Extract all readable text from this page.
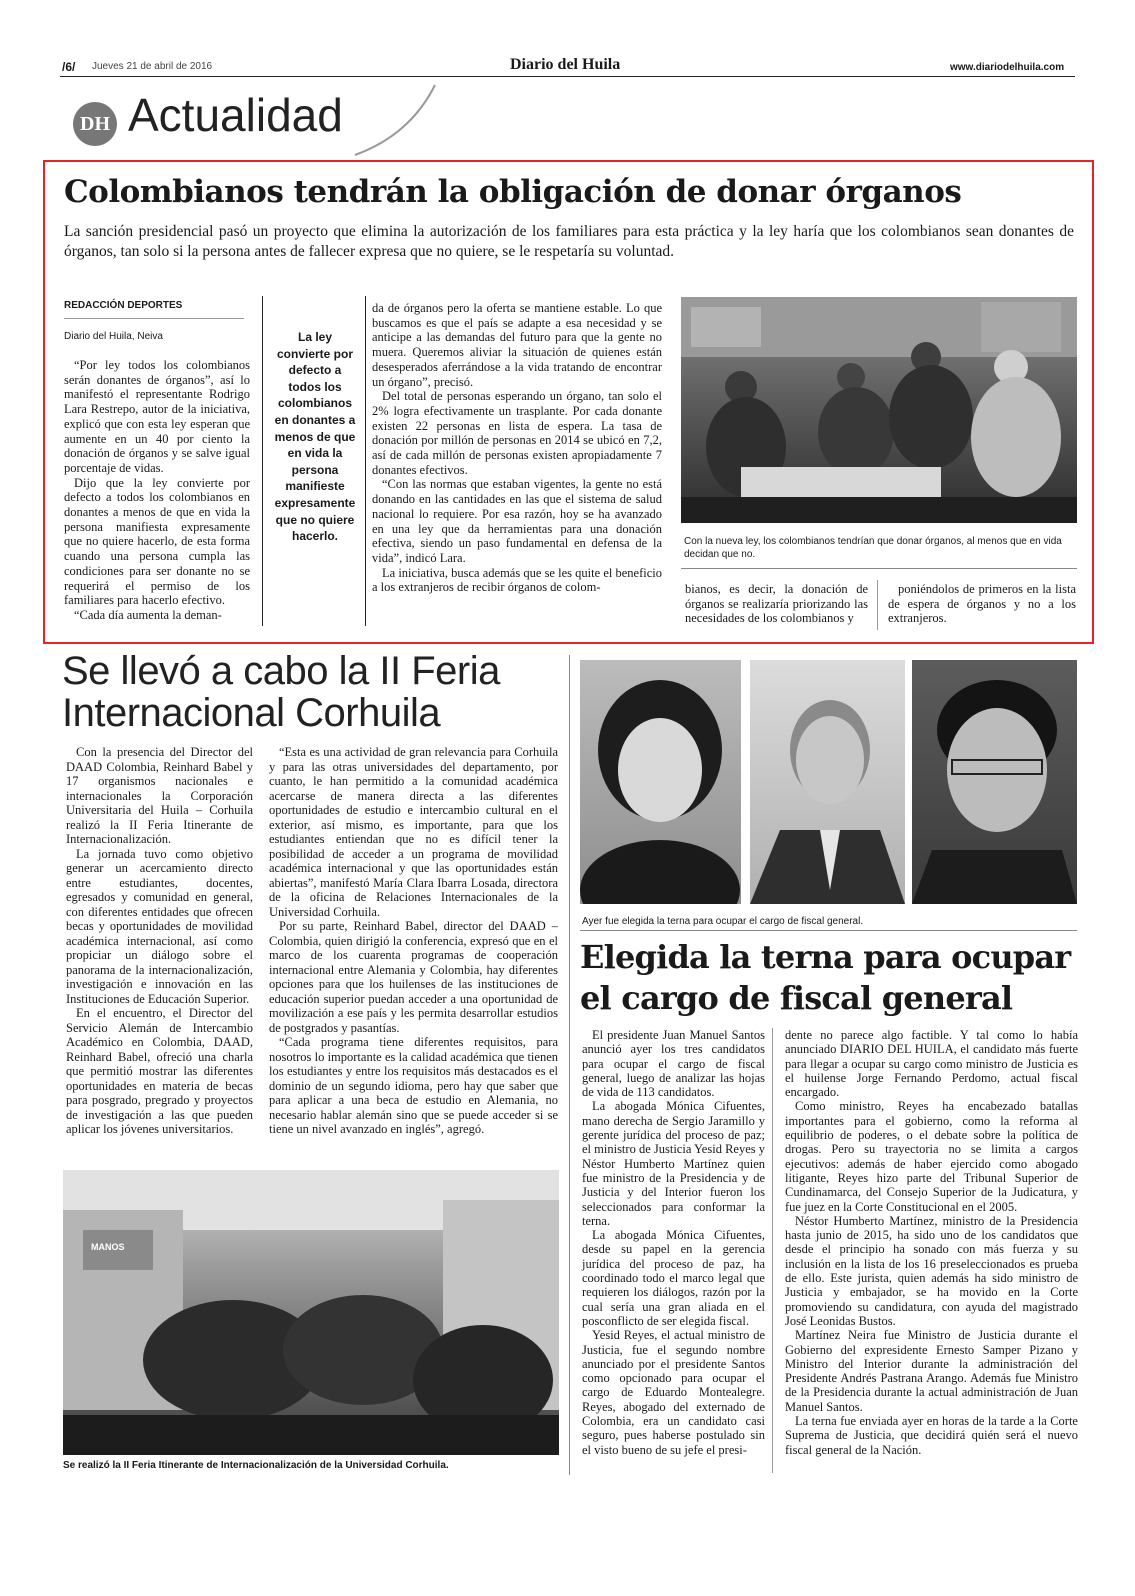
/6/ Jueves 21 de abril de 2016	Diario del Huila	www.diariodelhuila.com
DH Actualidad
Colombianos tendrán la obligación de donar órganos
La sanción presidencial pasó un proyecto que elimina la autorización de los familiares para esta práctica y la ley haría que los colombianos sean donantes de órganos, tan solo si la persona antes de fallecer expresa que no quiere, se le respetaría su voluntad.
REDACCIÓN DEPORTES
Diario del Huila, Neiva

“Por ley todos los colombianos serán donantes de órganos”, así lo manifestó el representante Rodrigo Lara Restrepo, autor de la iniciativa, explicó que con esta ley esperan que aumente en un 40 por ciento la donación de órganos y se salve igual porcentaje de vidas.

Dijo que la ley convierte por defecto a todos los colombianos en donantes a menos de que en vida la persona manifiesta expresamente que no quiere hacerlo, de esta forma cuando una persona cumpla las condiciones para ser donante no se requerirá el permiso de los familiares para hacerlo efectivo.

“Cada día aumenta la deman-

La ley convierte por defecto a todos los colombianos en donantes a menos de que en vida la persona manifieste expresamente que no quiere hacerlo.

da de órganos pero la oferta se mantiene estable. Lo que buscamos es que el país se adapte a esa necesidad y se anticipe a las demandas del futuro para que la gente no muera. Queremos aliviar la situación de quienes están desesperados aferrándose a la vida tratando de encontrar un órgano”, precisó.

Del total de personas esperando un órgano, tan solo el 2% logra efectivamente un trasplante. Por cada donante existen 22 personas en lista de espera. La tasa de donación por millón de personas en 2014 se ubicó en 7,2, así de cada millón de personas existen apropiadamente 7 donantes efectivos.

“Con las normas que estaban vigentes, la gente no está donando en las cantidades en las que el sistema de salud nacional lo requiere. Por esa razón, hoy se ha avanzado en una ley que da herramientas para una donación efectiva, siendo un paso fundamental en defensa de la vida”, indicó Lara.

La iniciativa, busca además que se les quite el beneficio a los extranjeros de recibir órganos de colom-

Con la nueva ley, los colombianos tendrían que donar órganos, al menos que en vida decidan que no.

bianos, es decir, la donación de órganos se realizaría priorizando las necesidades de los colombianos y

poniéndolos de primeros en la lista de espera de órganos y no a los extranjeros.

Se llevó a cabo la II Feria
Internacional Corhuila

Con la presencia del Director del DAAD Colombia, Reinhard Babel y 17 organismos nacionales e internacionales la Corporación Universitaria del Huila – Corhuila realizó la II Feria Itinerante de Internacionalización.

La jornada tuvo como objetivo generar un acercamiento directo entre estudiantes, docentes, egresados y comunidad en general, con diferentes entidades que ofrecen becas y oportunidades de movilidad académica internacional, así como propiciar un diálogo sobre el panorama de la internacionalización, investigación e innovación en las Instituciones de Educación Superior.

En el encuentro, el Director del Servicio Alemán de Intercambio Académico en Colombia, DAAD, Reinhard Babel, ofreció una charla que permitió mostrar las diferentes oportunidades en materia de becas para posgrado, pregrado y proyectos de investigación a las que pueden aplicar los jóvenes universitarios.

“Esta es una actividad de gran relevancia para Corhuila y para las otras universidades del departamento, por cuanto, le han permitido a la comunidad académica acercarse de manera directa a las diferentes oportunidades de estudio e intercambio cultural en el exterior, así mismo, es importante, para que los estudiantes entiendan que no es difícil tener la posibilidad de acceder a un programa de movilidad académica internacional y que las oportunidades están abiertas”, manifestó María Clara Ibarra Losada, directora de la oficina de Relaciones Internacionales de la Universidad Corhuila.

Por su parte, Reinhard Babel, director del DAAD – Colombia, quien dirigió la conferencia, expresó que en el marco de los cuarenta programas de cooperación internacional entre Alemania y Colombia, hay diferentes opciones para que los huilenses de las instituciones de educación superior puedan acceder a una oportunidad de movilización a ese país y les permita desarrollar estudios de postgrados y pasantías.

“Cada programa tiene diferentes requisitos, para nosotros lo importante es la calidad académica que tienen los estudiantes y entre los requisitos más destacados es el dominio de un segundo idioma, pero hay que saber que para aplicar a una beca de estudio en Alemania, no necesario hablar alemán sino que se puede acceder si se tiene un nivel avanzado en inglés”, agregó.

MANOS
Se realizó la II Feria Itinerante de Internacionalización de la Universidad Corhuila.
Ayer fue elegida la terna para ocupar el cargo de fiscal general.
Elegida la terna para ocupar
el cargo de fiscal general

El presidente Juan Manuel Santos anunció ayer los tres candidatos para ocupar el cargo de fiscal general, luego de analizar las hojas de vida de 113 candidatos.

La abogada Mónica Cifuentes, mano derecha de Sergio Jaramillo y gerente jurídica del proceso de paz; el ministro de Justicia Yesid Reyes y Néstor Humberto Martínez quien fue ministro de la Presidencia y de Justicia y del Interior fueron los seleccionados para conformar la terna.

La abogada Mónica Cifuentes, desde su papel en la gerencia jurídica del proceso de paz, ha coordinado todo el marco legal que requieren los diálogos, razón por la cual sería una gran aliada en el posconflicto de ser elegida fiscal.

Yesid Reyes, el actual ministro de Justicia, fue el segundo nombre anunciado por el presidente Santos como opcionado para ocupar el cargo de Eduardo Montealegre. Reyes, abogado del externado de Colombia, era un candidato casi seguro, pues haberse postulado sin el visto bueno de su jefe el presi-

dente no parece algo factible. Y tal como lo había anunciado DIARIO DEL HUILA, el candidato más fuerte para llegar a ocupar su cargo como ministro de Justicia es el huilense Jorge Fernando Perdomo, actual fiscal encargado.

Como ministro, Reyes ha encabezado batallas importantes para el gobierno, como la reforma al equilibrio de poderes, o el debate sobre la política de drogas. Pero su trayectoria no se limita a cargos ejecutivos: además de haber ejercido como abogado litigante, Reyes hizo parte del Tribunal Superior de Cundinamarca, del Consejo Superior de la Judicatura, y fue juez en la Corte Constitucional en el 2005.

Néstor Humberto Martínez, ministro de la Presidencia hasta junio de 2015, ha sido uno de los candidatos que desde el principio ha sonado con más fuerza y su inclusión en la lista de los 16 preseleccionados es prueba de ello. Este jurista, quien además ha sido ministro de Justicia y embajador, se ha movido en la Corte promoviendo su candidatura, con ayuda del magistrado José Leonidas Bustos.

Martínez Neira fue Ministro de Justicia durante el Gobierno del expresidente Ernesto Samper Pizano y Ministro del Interior durante la administración del Presidente Andrés Pastrana Arango. Además fue Ministro de la Presidencia durante la actual administración de Juan Manuel Santos.

La terna fue enviada ayer en horas de la tarde a la Corte Suprema de Justicia, que decidirá quién será el nuevo fiscal general de la Nación.
